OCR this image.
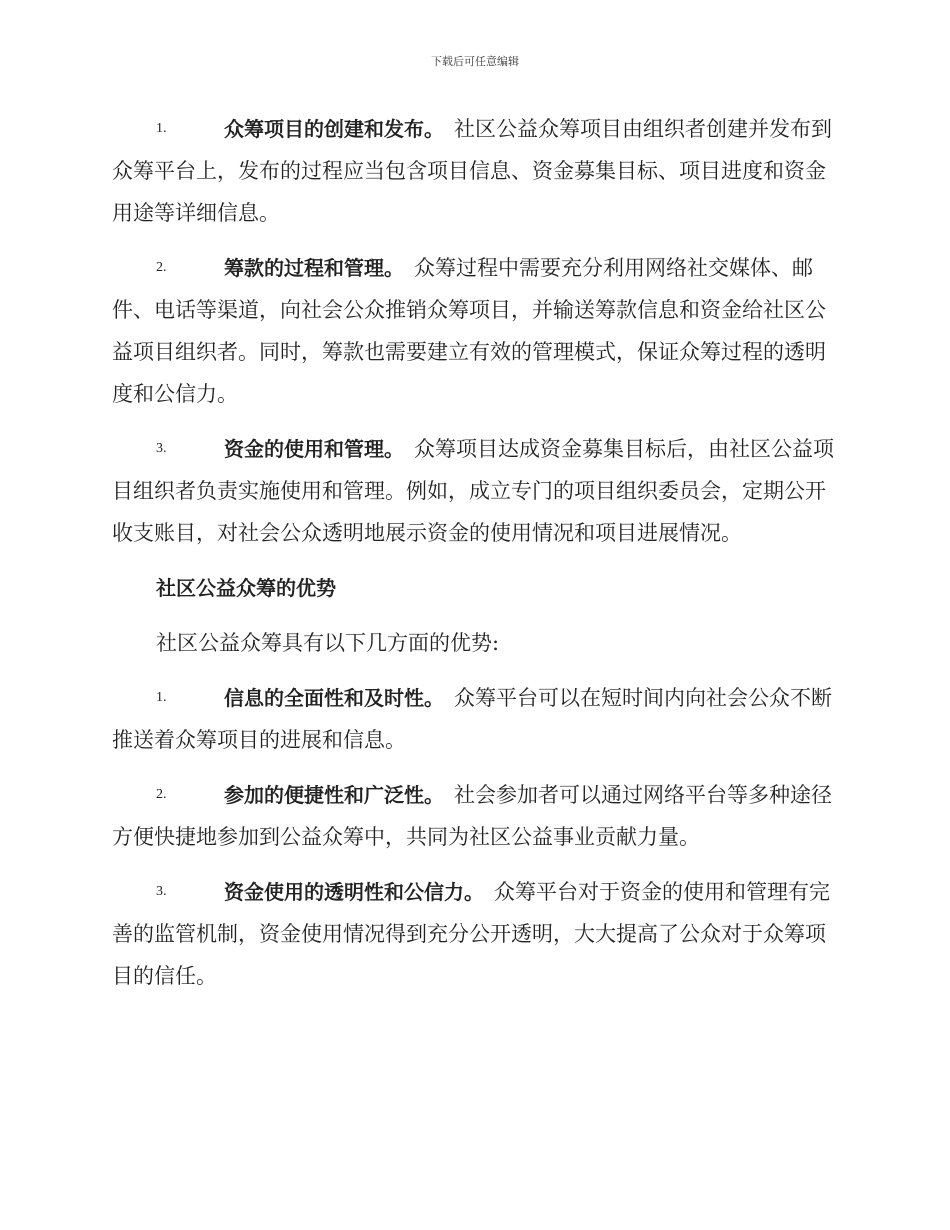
下载后可任意编辑

1.	众筹项目的创建和发布。 社区公益众筹项目由组织者创建并发布到众筹平台上，发布的过程应当包含项目信息、资金募集目标、项目进度和资金用途等详细信息。

2.	筹款的过程和管理。 众筹过程中需要充分利用网络社交媒体、邮件、电话等渠道，向社会公众推销众筹项目，并输送筹款信息和资金给社区公益项目组织者。同时，筹款也需要建立有效的管理模式，保证众筹过程的透明度和公信力。

3.	资金的使用和管理。 众筹项目达成资金募集目标后，由社区公益项目组织者负责实施使用和管理。例如，成立专门的项目组织委员会，定期公开收支账目，对社会公众透明地展示资金的使用情况和项目进展情况。

社区公益众筹的优势

社区公益众筹具有以下几方面的优势:

1.	信息的全面性和及时性。 众筹平台可以在短时间内向社会公众不断推送着众筹项目的进展和信息。

2.	参加的便捷性和广泛性。 社会参加者可以通过网络平台等多种途径方便快捷地参加到公益众筹中，共同为社区公益事业贡献力量。

3.	资金使用的透明性和公信力。 众筹平台对于资金的使用和管理有完善的监管机制，资金使用情况得到充分公开透明，大大提高了公众对于众筹项目的信任。
